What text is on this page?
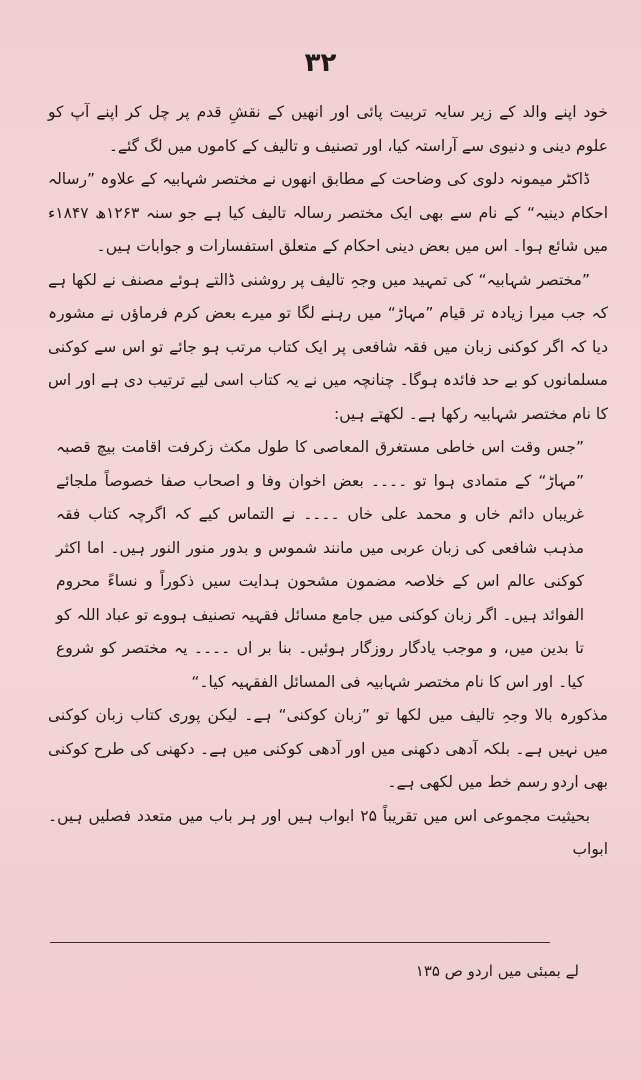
۳۲

خود اپنے والد کے زیر سایہ تربیت پائی اور انھیں کے نقشِ قدم پر چل کر اپنے آپ کو علوم دینی و دنیوی سے آراستہ کیا، اور تصنیف و تالیف کے کاموں میں لگ گئے۔

ڈاکٹر میمونہ دلوی کی وضاحت کے مطابق انھوں نے مختصر شہابیہ کے علاوہ ”رسالہ احکام دینیہ“ کے نام سے بھی ایک مختصر رسالہ تالیف کیا ہے جو سنہ ۱۲۶۳ھ ۱۸۴۷ء میں شائع ہوا۔ اس میں بعض دینی احکام کے متعلق استفسارات و جوابات ہیں۔

”مختصر شہابیہ“ کی تمہید میں وجہِ تالیف پر روشنی ڈالتے ہوئے مصنف نے لکھا ہے کہ جب میرا زیادہ تر قیام ”مہاڑ“ میں رہنے لگا تو میرے بعض کرم فرماؤں نے مشورہ دیا کہ اگر کوکنی زبان میں فقہ شافعی پر ایک کتاب مرتب ہو جائے تو اس سے کوکنی مسلمانوں کو بے حد فائدہ ہوگا۔ چنانچہ میں نے یہ کتاب اسی لیے ترتیب دی ہے اور اس کا نام مختصر شہابیہ رکھا ہے۔ لکھتے ہیں:

”جس وقت اس خاطی مستغرق المعاصی کا طول مکث زکرفت اقامت بیچ قصبہ ”مہاڑ“ کے متمادی ہوا تو ۔۔۔۔ بعض اخوان وفا و اصحاب صفا خصوصاً ملجائے غریباں دائم خاں و محمد علی خاں ۔۔۔۔ نے التماس کیے کہ اگرچہ کتاب فقہ مذہب شافعی کی زبان عربی میں مانند شموس و بدور منور النور ہیں۔ اما اکثر کوکنی عالم اس کے خلاصہ مضمون مشحون ہدایت سیں ذکوراً و نساءً محروم الفوائد ہیں۔ اگر زبان کوکنی میں جامع مسائل فقہیہ تصنیف ہووے تو عباد اللہ کو تا بدین میں، و موجب یادگار روزگار ہوئیں۔ بنا بر اں ۔۔۔۔ یہ مختصر کو شروع کیا۔ اور اس کا نام مختصر شہابیہ فی المسائل الفقہیہ کیا۔“

مذکورہ بالا وجہِ تالیف میں لکھا تو ”زبان کوکنی“ ہے۔ لیکن پوری کتاب زبان کوکنی میں نہیں ہے۔ بلکہ آدھی دکھنی میں اور آدھی کوکنی میں ہے۔ دکھنی کی طرح کوکنی بھی اردو رسم خط میں لکھی ہے۔

بحیثیت مجموعی اس میں تقریباً ۲۵ ابواب ہیں اور ہر باب میں متعدد فصلیں ہیں۔ ابواب

لے بمبئی میں اردو ص ۱۳۵
